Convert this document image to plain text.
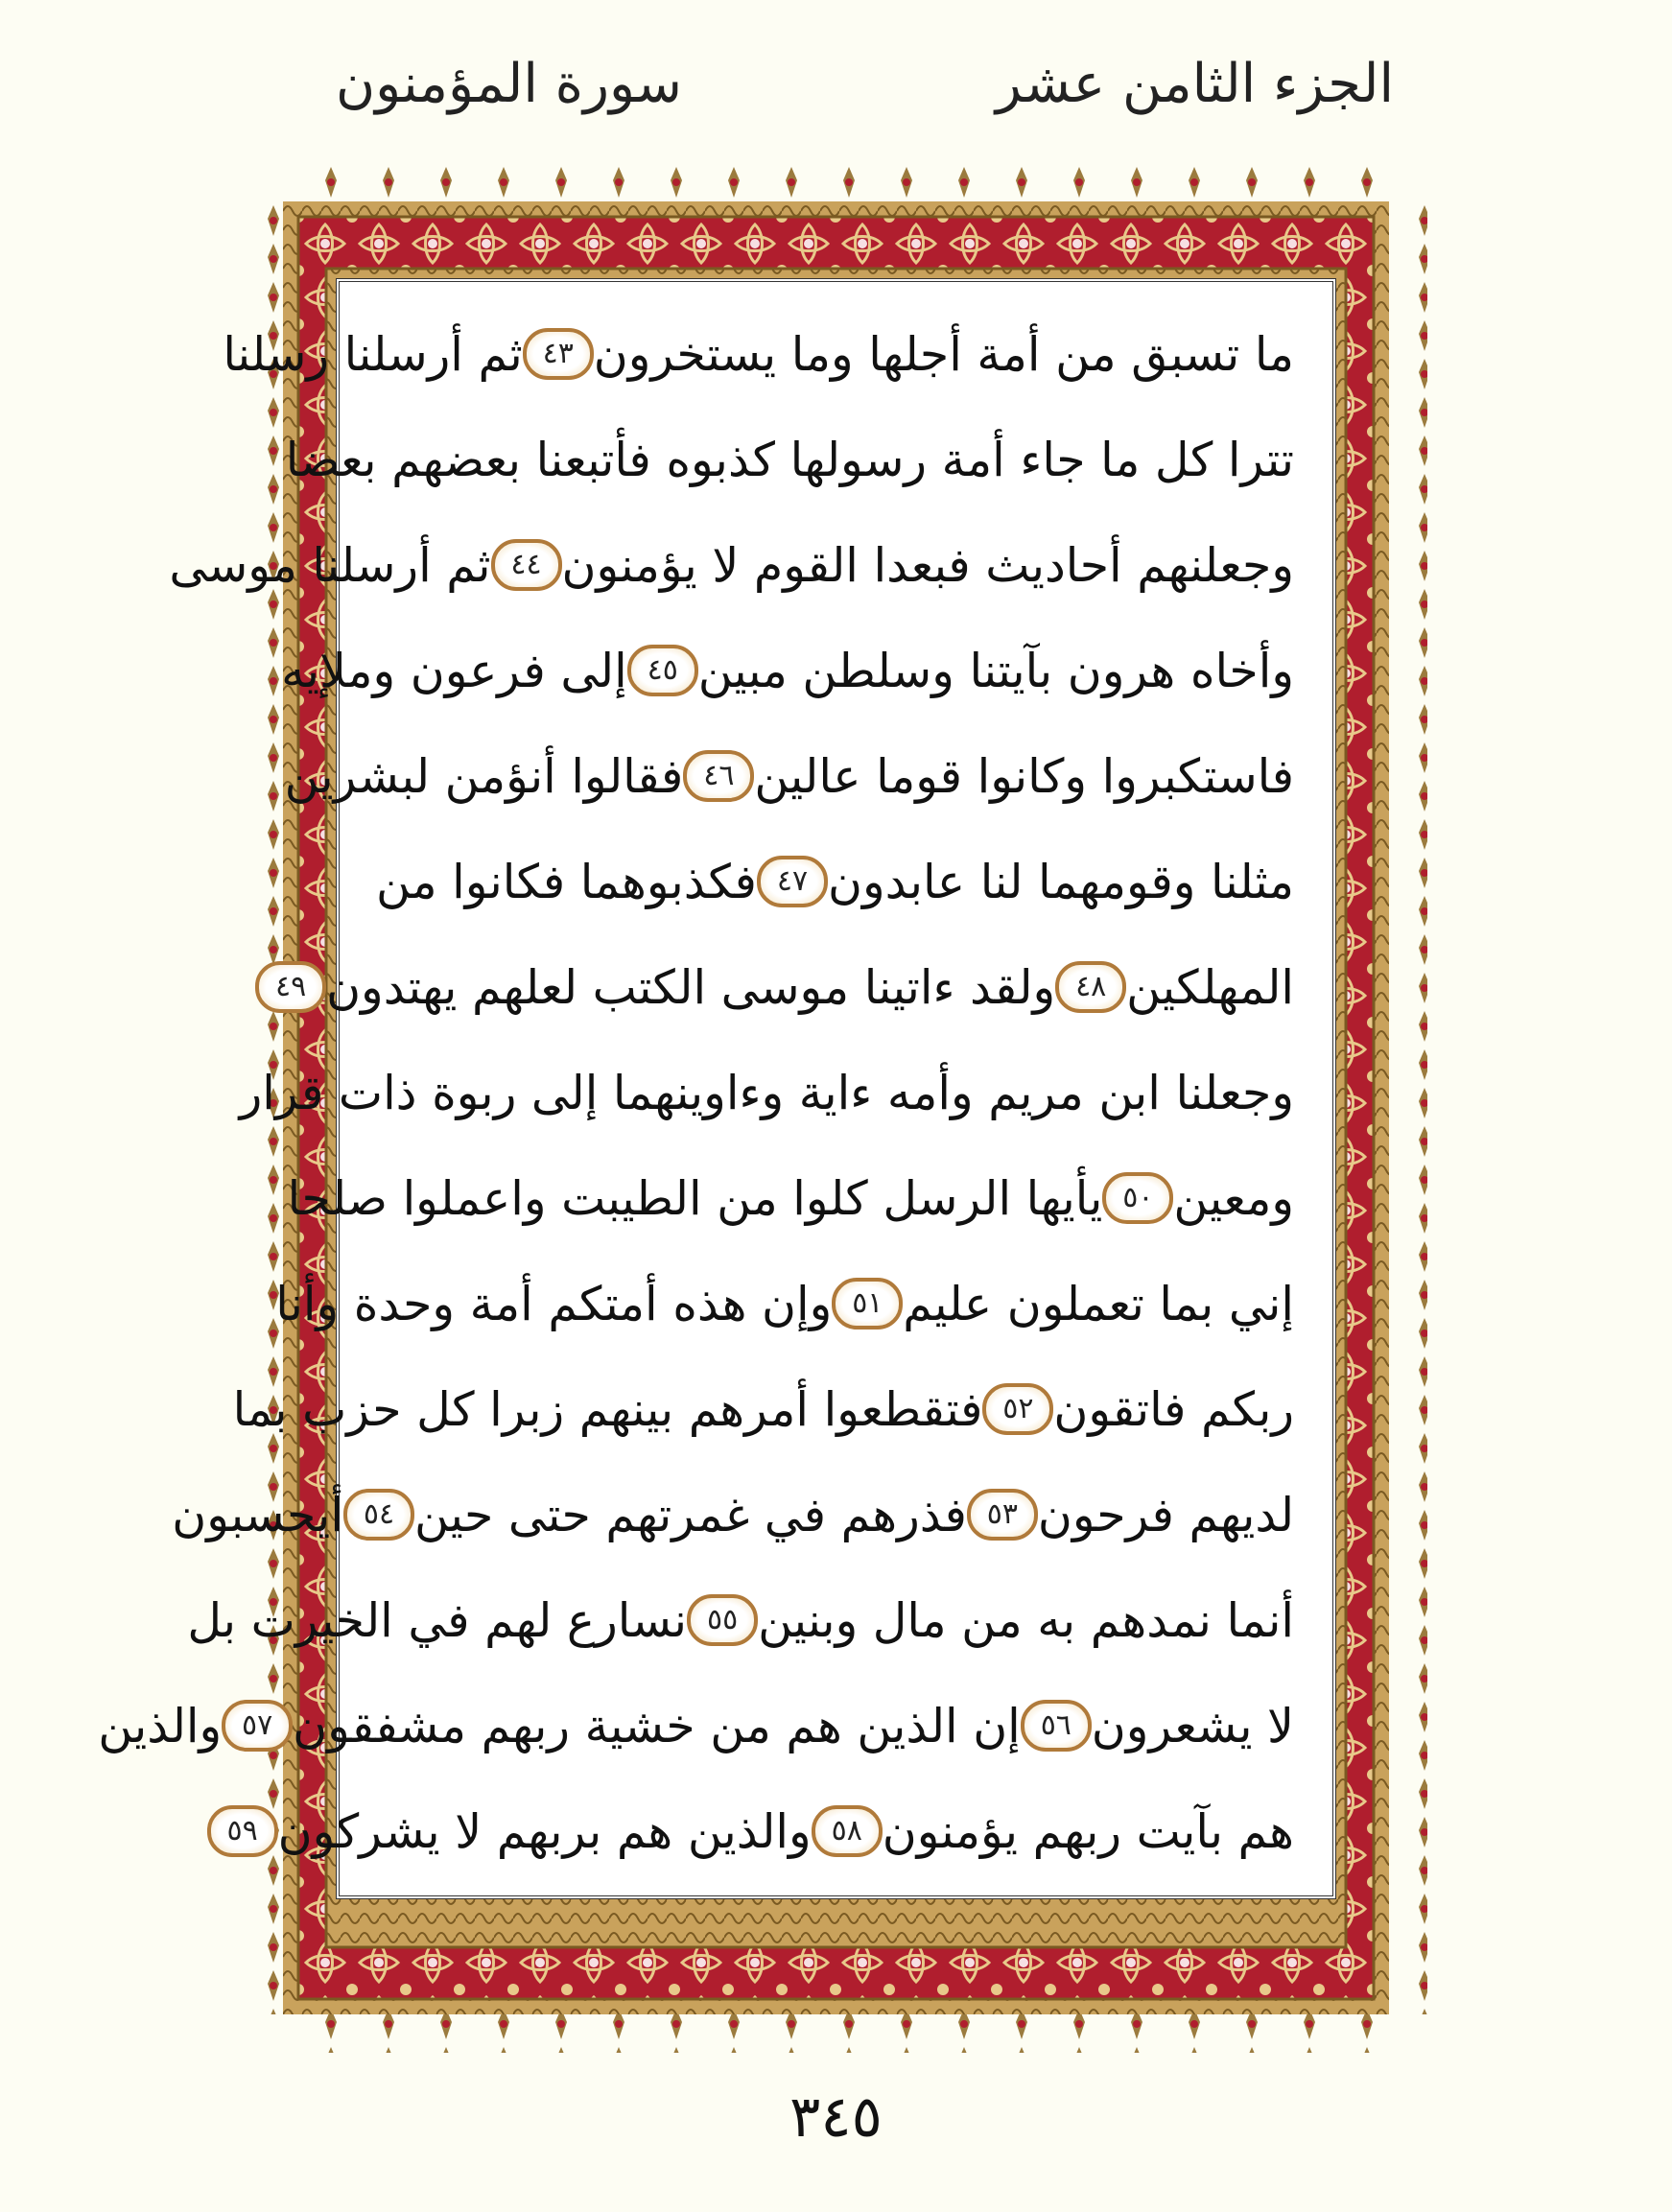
الجزء الثامن عشر
سورة المؤمنون
ما تسبق من أمة أجلها وما يستخرون
٤٣
ثم أرسلنا رسلنا
تترا كل ما جاء أمة رسولها كذبوه فأتبعنا بعضهم بعضا
وجعلنهم أحاديث فبعدا القوم لا يؤمنون
٤٤
ثم أرسلنا موسى
وأخاه هرون بآيتنا وسلطن مبين
٤٥
إلى فرعون وملإيه
فاستكبروا وكانوا قوما عالين
٤٦
فقالوا أنؤمن لبشرين
مثلنا وقومهما لنا عابدون
٤٧
فكذبوهما فكانوا من
المهلكين
٤٨
ولقد ءاتينا موسى الكتب لعلهم يهتدون
٤٩
وجعلنا ابن مريم وأمه ءاية وءاوينهما إلى ربوة ذات قرار
ومعين
٥٠
يأيها الرسل كلوا من الطيبت واعملوا صلحا
إني بما تعملون عليم
٥١
وإن هذه أمتكم أمة وحدة وأنا
ربكم فاتقون
٥٢
فتقطعوا أمرهم بينهم زبرا كل حزب بما
لديهم فرحون
٥٣
فذرهم في غمرتهم حتى حين
٥٤
أيحسبون
أنما نمدهم به من مال وبنين
٥٥
نسارع لهم في الخيرت بل
لا يشعرون
٥٦
إن الذين هم من خشية ربهم مشفقون
٥٧
والذين
هم بآيت ربهم يؤمنون
٥٨
والذين هم بربهم لا يشركون
٥٩
٣٤٥
